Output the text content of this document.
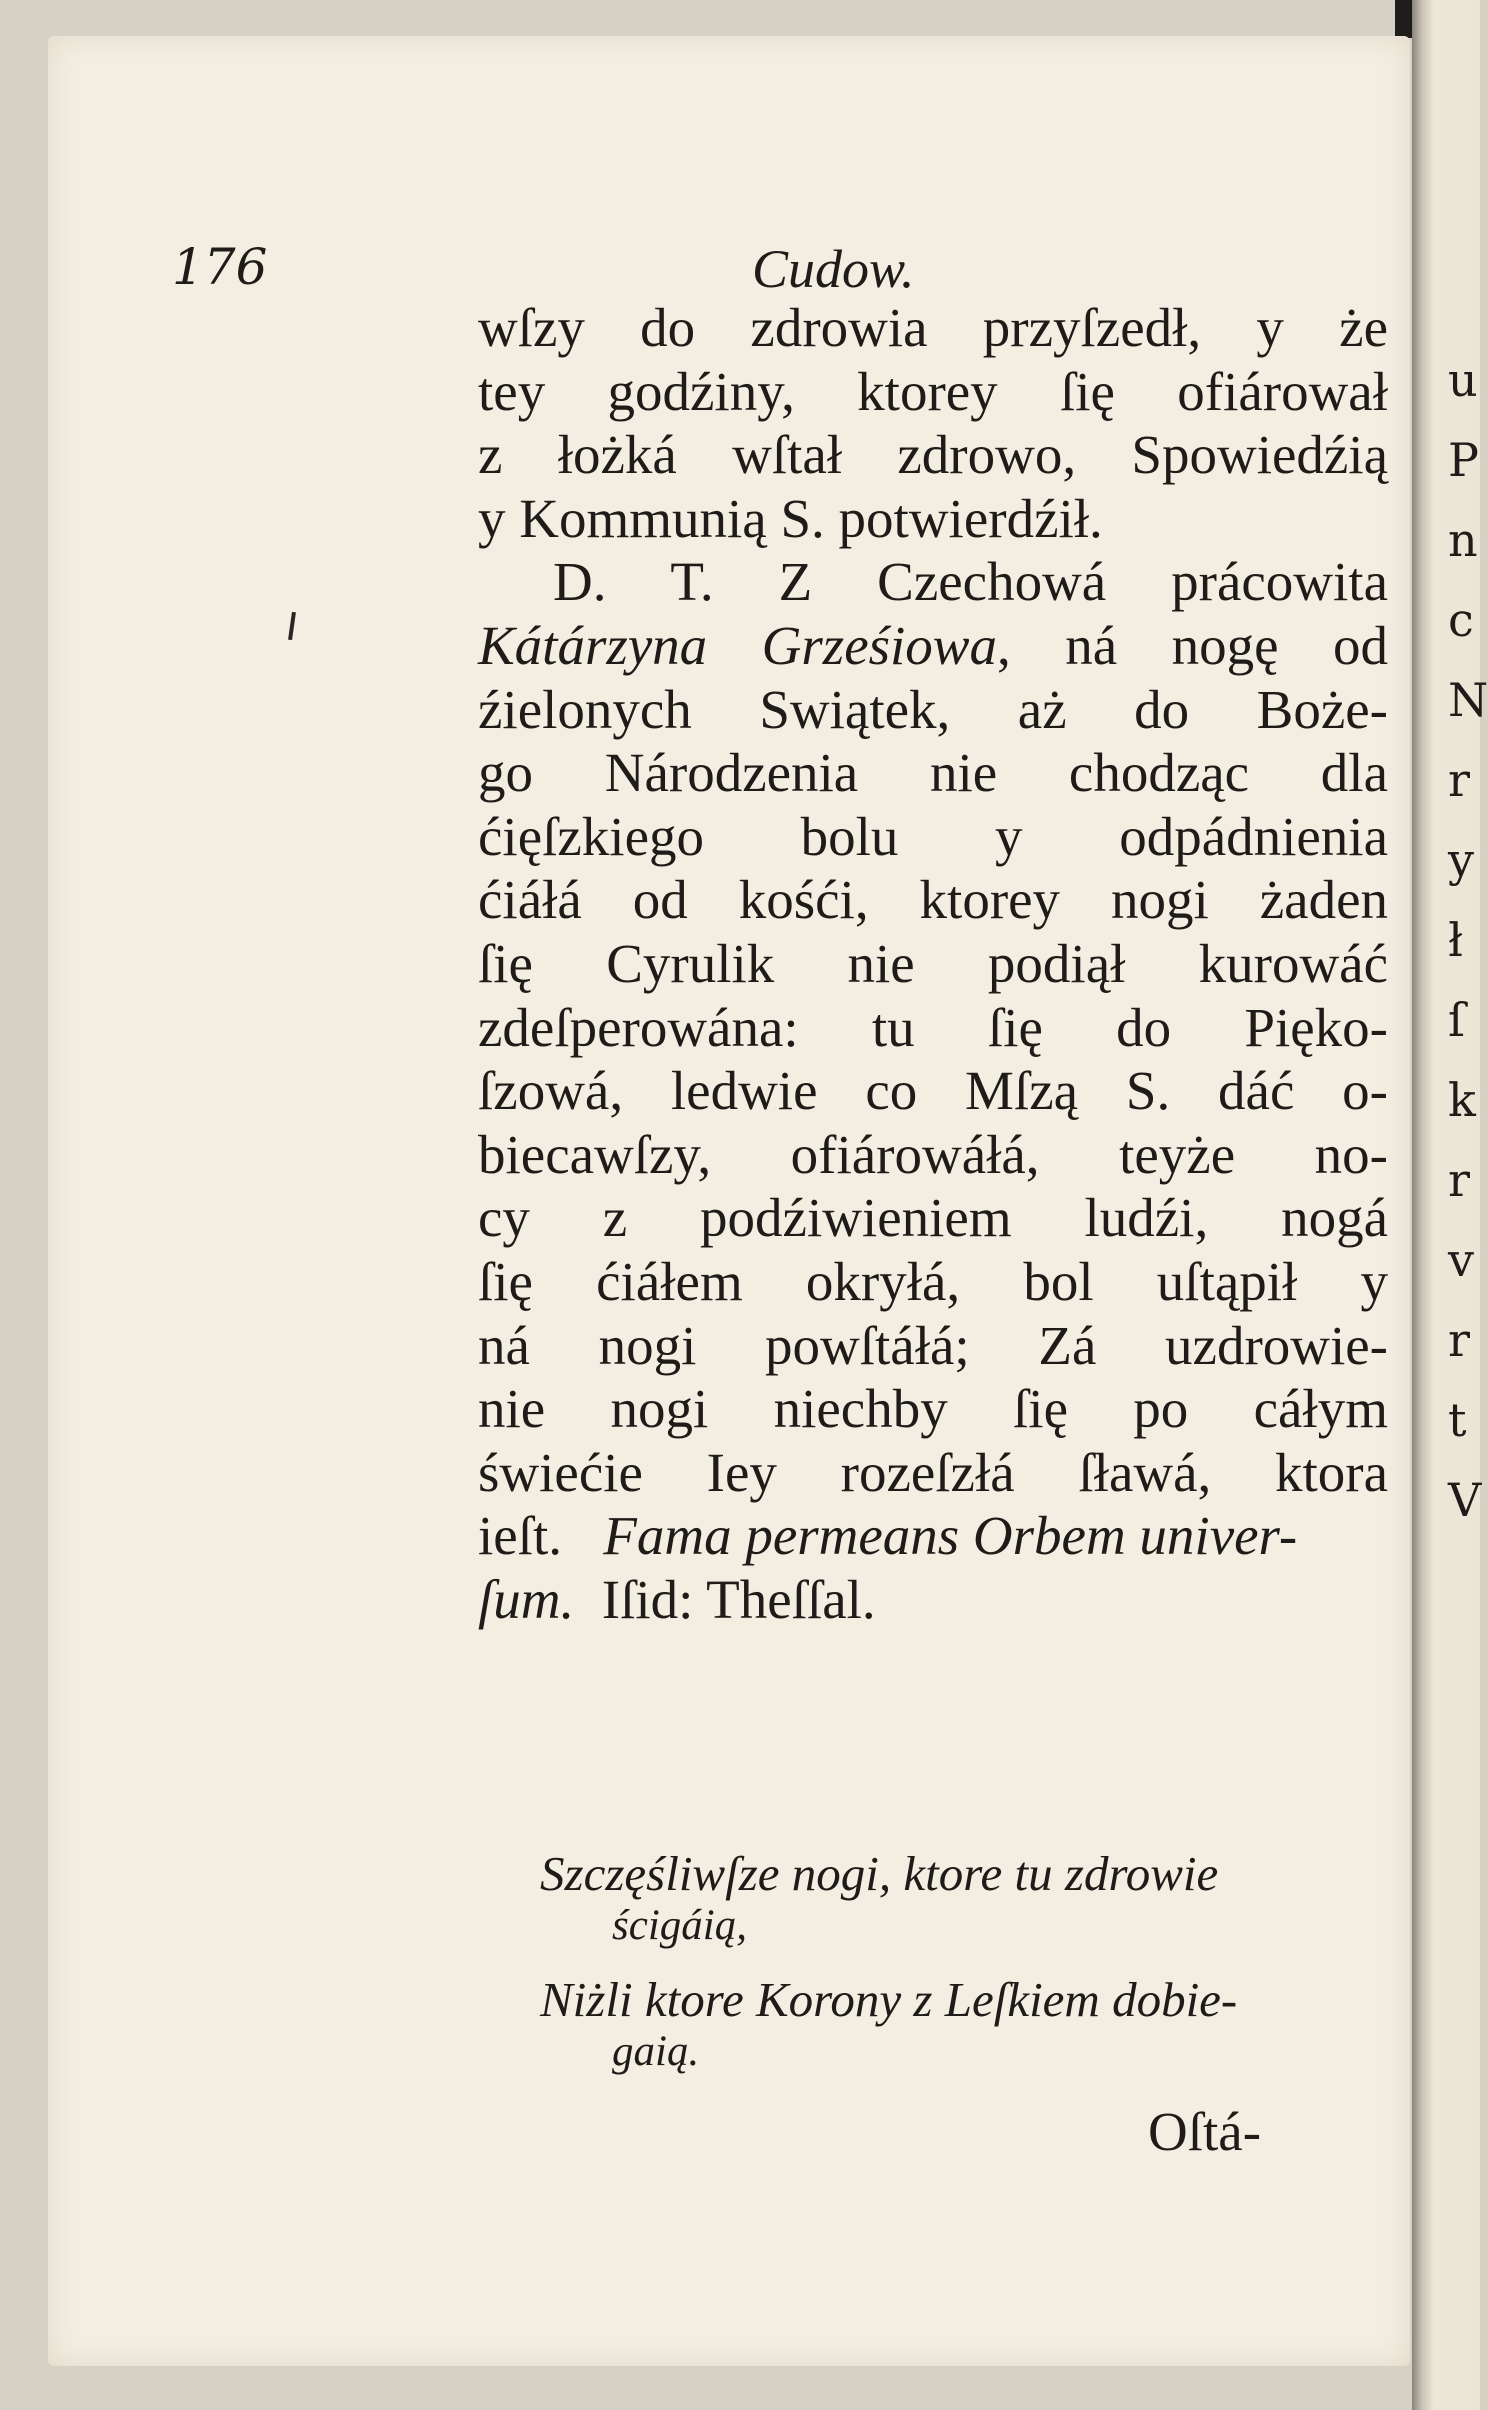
u
P
n
c
N
r
y
ł
ſ
k
r
v
r
t
V
176	Cudow.
wſzy do zdrowia przyſzedł, y że
tey godźiny, ktorey ſię ofiárował
z łożká wſtał zdrowo, Spowiedźią
y Kommunią S. potwierdźił.
D. T. Z Czechowá prácowita
Kátárzyna Grześiowa, ná nogę od
źielonych Swiątek, aż do Boże-
go Národzenia nie chodząc dla
ćięſzkiego bolu y odpádnienia
ćiáłá od kośći, ktorey nogi żaden
ſię Cyrulik nie podiął kurowáć
zdeſperowána: tu ſię do Pięko-
ſzowá, ledwie co Mſzą S. dáć o-
biecawſzy, ofiárowáłá, teyże no-
cy z podźiwieniem ludźi, nogá
ſię ćiáłem okryłá, bol uſtąpił y
ná nogi powſtáłá; Zá uzdrowie-
nie nogi niechby ſię po cáłym
świećie Iey rozeſzłá ſławá, ktora
ieſt. Fama permeans Orbem univer-
ſum. Iſid: Theſſal.
Szczęśliwſze nogi, ktore tu zdrowie
ścigáią,
Niżli ktore Korony z Leſkiem dobie-
gaią.
Oſtá-
